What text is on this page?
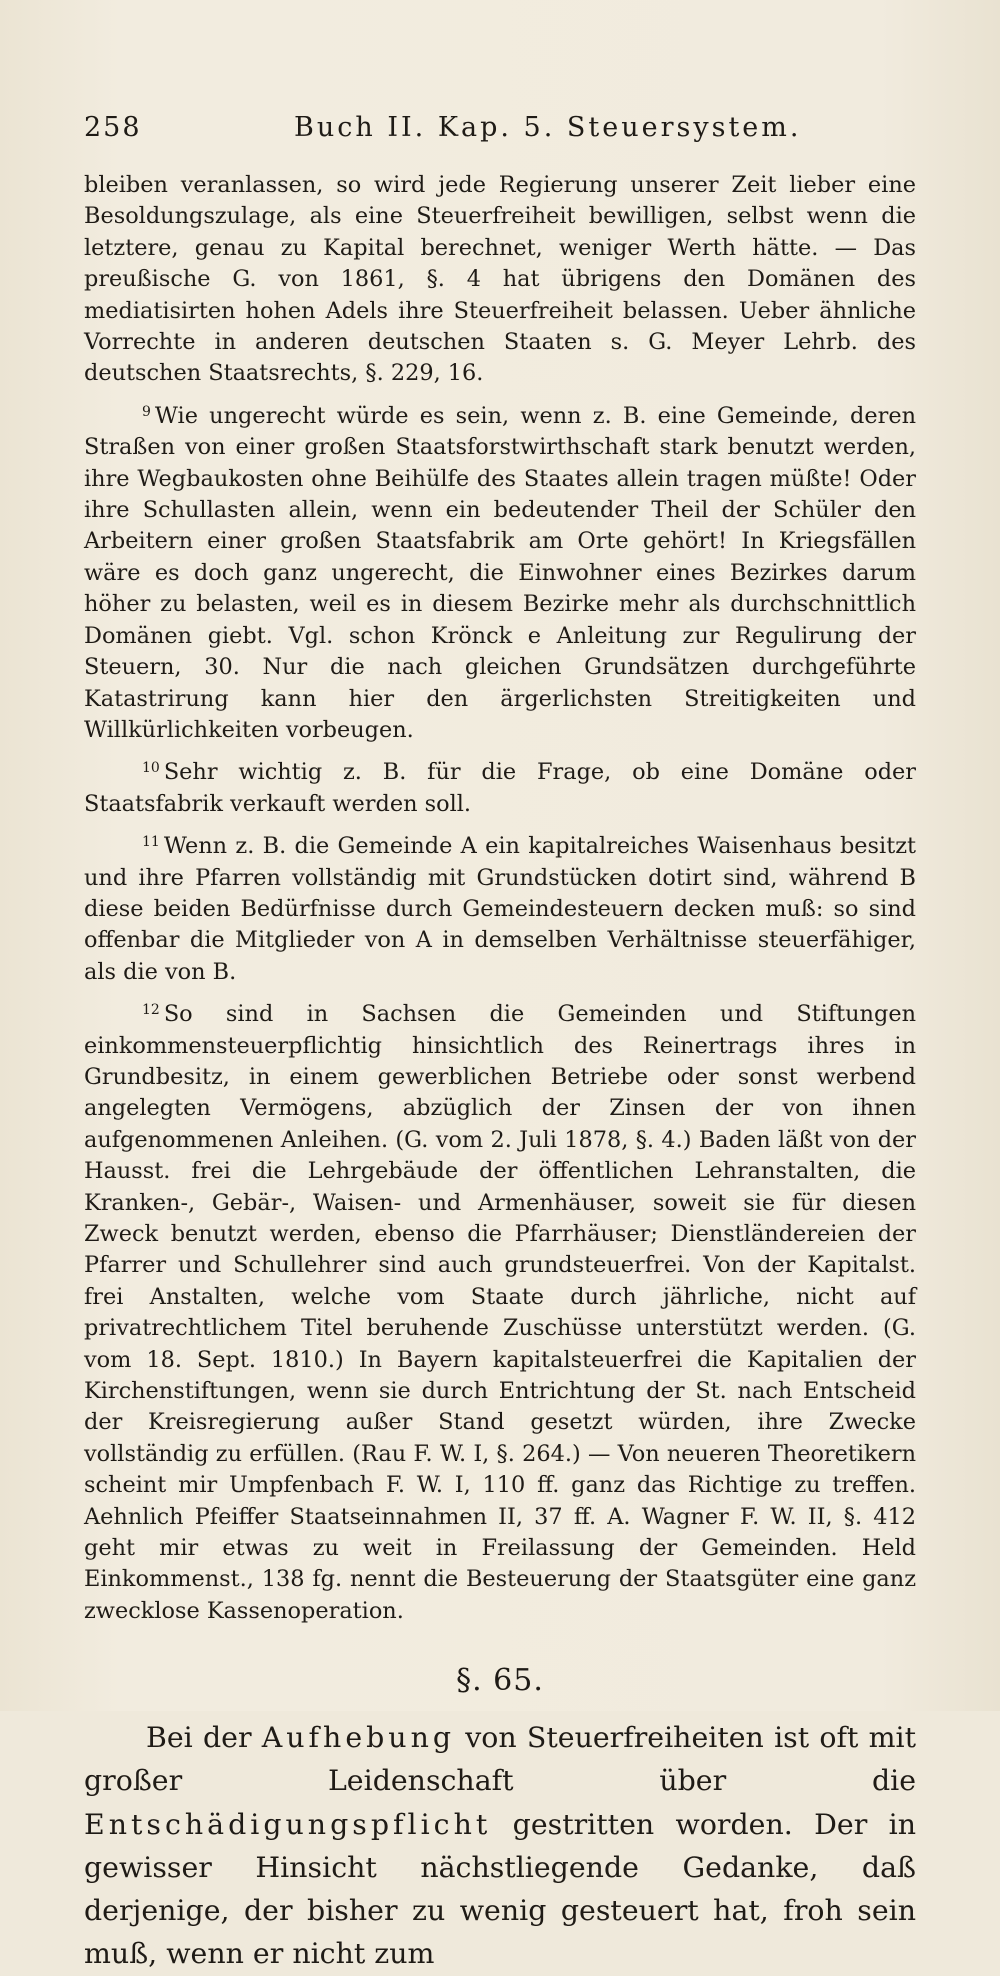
258	Buch II. Kap. 5. Steuersystem.

bleiben veranlassen, so wird jede Regierung unserer Zeit lieber eine Besoldungszulage, als eine Steuerfreiheit bewilligen, selbst wenn die letztere, genau zu Kapital berechnet, weniger Werth hätte. — Das preußische G. von 1861, §. 4 hat übrigens den Domänen des mediatisirten hohen Adels ihre Steuerfreiheit belassen. Ueber ähnliche Vorrechte in anderen deutschen Staaten s. G. Meyer Lehrb. des deutschen Staatsrechts, §. 229, 16.

$^9$ Wie ungerecht würde es sein, wenn z. B. eine Gemeinde, deren Straßen von einer großen Staatsforstwirthschaft stark benutzt werden, ihre Wegbaukosten ohne Beihülfe des Staates allein tragen müßte! Oder ihre Schullasten allein, wenn ein bedeutender Theil der Schüler den Arbeitern einer großen Staatsfabrik am Orte gehört! In Kriegsfällen wäre es doch ganz ungerecht, die Einwohner eines Bezirkes darum höher zu belasten, weil es in diesem Bezirke mehr als durchschnittlich Domänen giebt. Vgl. schon Krönck e Anleitung zur Regulirung der Steuern, 30. Nur die nach gleichen Grundsätzen durchgeführte Katastrirung kann hier den ärgerlichsten Streitigkeiten und Willkürlichkeiten vorbeugen.

$^{10}$ Sehr wichtig z. B. für die Frage, ob eine Domäne oder Staatsfabrik verkauft werden soll.

$^{11}$ Wenn z. B. die Gemeinde A ein kapitalreiches Waisenhaus besitzt und ihre Pfarren vollständig mit Grundstücken dotirt sind, während B diese beiden Bedürfnisse durch Gemeindesteuern decken muß: so sind offenbar die Mitglieder von A in demselben Verhältnisse steuerfähiger, als die von B.

$^{12}$ So sind in Sachsen die Gemeinden und Stiftungen einkommensteuerpflichtig hinsichtlich des Reinertrags ihres in Grundbesitz, in einem gewerblichen Betriebe oder sonst werbend angelegten Vermögens, abzüglich der Zinsen der von ihnen aufgenommenen Anleihen. (G. vom 2. Juli 1878, §. 4.) Baden läßt von der Hausst. frei die Lehrgebäude der öffentlichen Lehranstalten, die Kranken-, Gebär-, Waisen- und Armenhäuser, soweit sie für diesen Zweck benutzt werden, ebenso die Pfarrhäuser; Dienstländereien der Pfarrer und Schullehrer sind auch grundsteuerfrei. Von der Kapitalst. frei Anstalten, welche vom Staate durch jährliche, nicht auf privatrechtlichem Titel beruhende Zuschüsse unterstützt werden. (G. vom 18. Sept. 1810.) In Bayern kapitalsteuerfrei die Kapitalien der Kirchenstiftungen, wenn sie durch Entrichtung der St. nach Entscheid der Kreisregierung außer Stand gesetzt würden, ihre Zwecke vollständig zu erfüllen. (Rau F. W. I, §. 264.) — Von neueren Theoretikern scheint mir Umpfenbach F. W. I, 110 ff. ganz das Richtige zu treffen. Aehnlich Pfeiffer Staatseinnahmen II, 37 ff. A. Wagner F. W. II, §. 412 geht mir etwas zu weit in Freilassung der Gemeinden. Held Einkommenst., 138 fg. nennt die Besteuerung der Staatsgüter eine ganz zwecklose Kassenoperation.

§. 65.

Bei der Aufhebung von Steuerfreiheiten ist oft mit großer Leidenschaft über die Entschädigungspflicht gestritten worden. Der in gewisser Hinsicht nächstliegende Gedanke, daß derjenige, der bisher zu wenig gesteuert hat, froh sein muß, wenn er nicht zum
